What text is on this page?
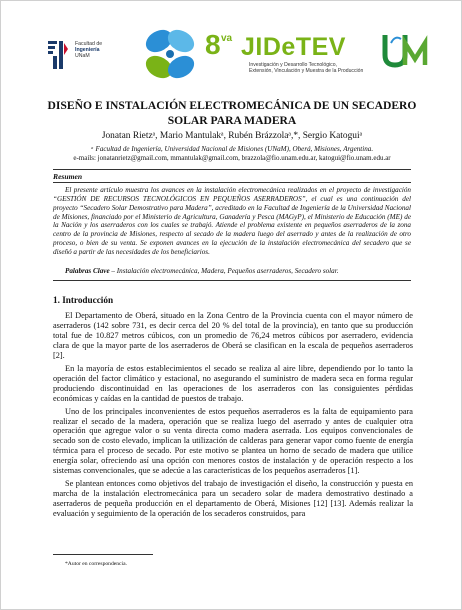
Facultad de
Ingeniería
UNaM	8 va JIDeTEV
Investigación y Desarrollo Tecnológico,
Extensión, Vinculación y Muestra de la Producción
DISEÑO E INSTALACIÓN ELECTROMECÁNICA DE UN SECADERO
SOLAR PARA MADERA
Jonatan Rietzᵃ, Mario Mantulakᵃ, Rubén Brázzolaᵃ,*, Sergio Katoguiᵃ
ᵃ Facultad de Ingeniería, Universidad Nacional de Misiones (UNaM), Oberá, Misiones, Argentina.
e-mails: jonatanrietz@gmail.com, mmantulak@gmail.com, brazzola@fio.unam.edu.ar, katogui@fio.unam.edu.ar
Resumen
El presente artículo muestra los avances en la instalación electromecánica realizados en el proyecto de investigación “GESTIÓN DE RECURSOS TECNOLÓGICOS EN PEQUEÑOS ASERRADEROS”, el cual es una continuación del proyecto “Secadero Solar Demostrativo para Madera”, acreditado en la Facultad de Ingeniería de la Universidad Nacional de Misiones, financiado por el Ministerio de Agricultura, Ganadería y Pesca (MAGyP), el Ministerio de Educación (ME) de la Nación y los aserraderos con los cuales se trabajó. Atiende el problema existente en pequeños aserraderos de la zona centro de la provincia de Misiones, respecto al secado de la madera luego del aserrado y antes de la realización de otro proceso, o bien de su venta. Se exponen avances en la ejecución de la instalación electromecánica del secadero que se diseñó a partir de las necesidades de los beneficiarios.
Palabras Clave – Instalación electromecánica, Madera, Pequeños aserraderos, Secadero solar.
1. Introducción

El Departamento de Oberá, situado en la Zona Centro de la Provincia cuenta con el mayor número de aserraderos (142 sobre 731, es decir cerca del 20 % del total de la provincia), en tanto que su producción total fue de 10.827 metros cúbicos, con un promedio de 76,24 metros cúbicos por aserradero, evidencia clara de que la mayor parte de los aserraderos de Oberá se clasifican en la escala de pequeños aserraderos [2].

En la mayoría de estos establecimientos el secado se realiza al aire libre, dependiendo por lo tanto la operación del factor climático y estacional, no asegurando el suministro de madera seca en forma regular produciendo discontinuidad en las operaciones de los aserraderos con las consiguientes pérdidas económicas y caídas en la cantidad de puestos de trabajo.

Uno de los principales inconvenientes de estos pequeños aserraderos es la falta de equipamiento para realizar el secado de la madera, operación que se realiza luego del aserrado y antes de cualquier otra operación que agregue valor o su venta directa como madera aserrada. Los equipos convencionales de secado son de costo elevado, implican la utilización de calderas para generar vapor como fuente de energía térmica para el proceso de secado. Por este motivo se plantea un horno de secado de madera que utilice energía solar, ofreciendo así una opción con menores costos de instalación y de operación respecto a los sistemas convencionales, que se adecúe a las características de los pequeños aserraderos [1].

Se plantean entonces como objetivos del trabajo de investigación el diseño, la construcción y puesta en marcha de la instalación electromecánica para un secadero solar de madera demostrativo destinado a aserraderos de pequeña producción en el departamento de Oberá, Misiones [12] [13]. Además realizar la evaluación y seguimiento de la operación de los secaderos construidos, para

*Autor en correspondencia.
